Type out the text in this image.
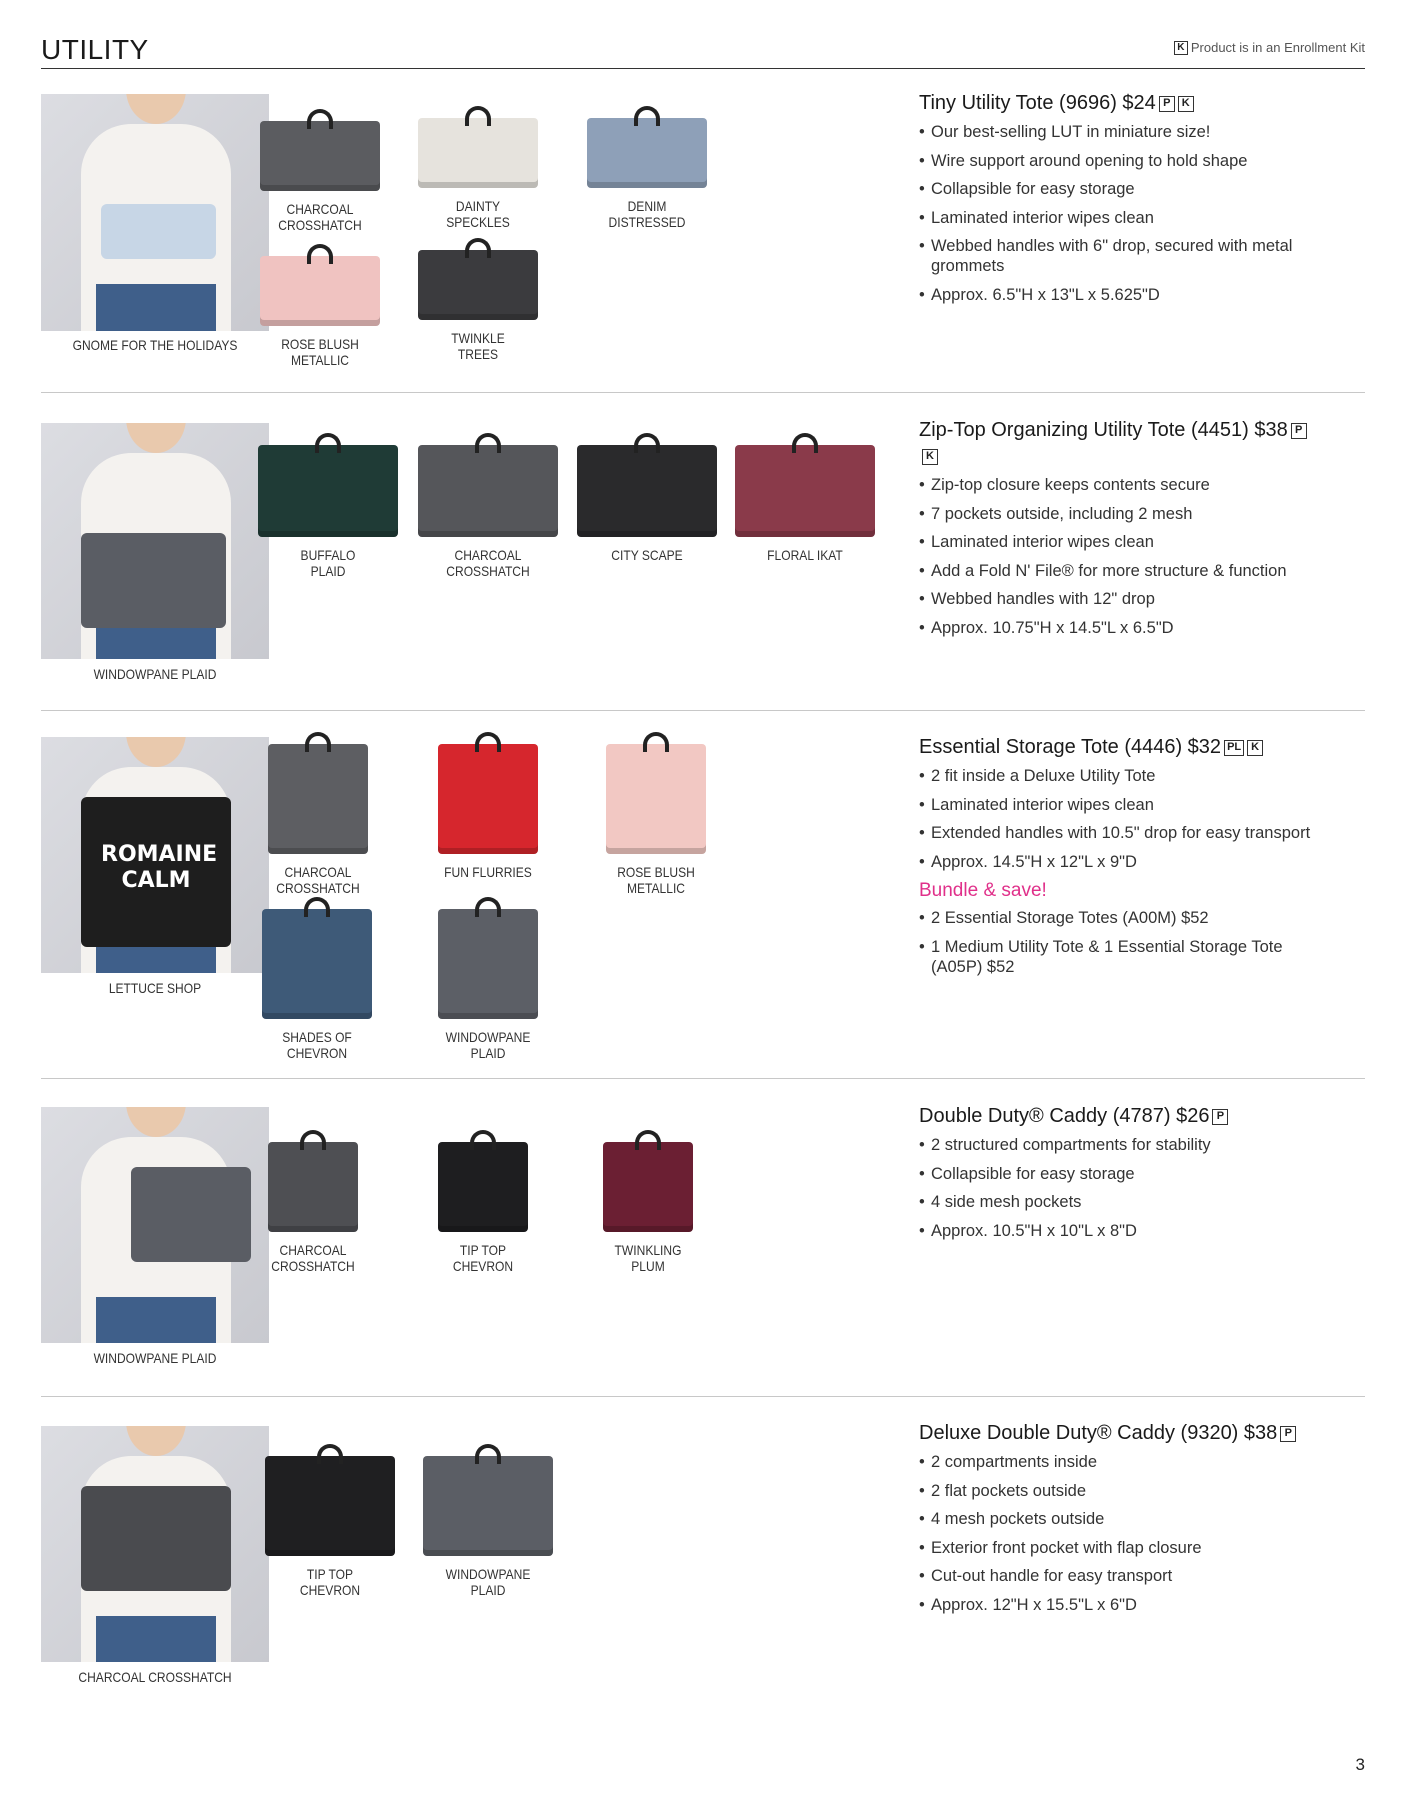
UTILITY	K Product is in an Enrollment Kit
GNOME FOR THE HOLIDAYS
CHARCOAL
CROSSHATCH
DAINTY
SPECKLES
DENIM
DISTRESSED
ROSE BLUSH
METALLIC
TWINKLE
TREES
Tiny Utility Tote (9696) $24 P K
• Our best-selling LUT in miniature size!
• Wire support around opening to hold shape
• Collapsible for easy storage
• Laminated interior wipes clean
• Webbed handles with 6" drop, secured with metal grommets
• Approx. 6.5"H x 13"L x 5.625"D
WINDOWPANE PLAID
BUFFALO
PLAID
CHARCOAL
CROSSHATCH
CITY SCAPE	FLORAL IKAT
Zip-Top Organizing Utility Tote (4451) $38 PK
• Zip-top closure keeps contents secure
• 7 pockets outside, including 2 mesh
• Laminated interior wipes clean
• Add a Fold N' File® for more structure & function
• Webbed handles with 12" drop
• Approx. 10.75"H x 14.5"L x 6.5"D
ROMAINE CALM
LETTUCE SHOP
CHARCOAL
CROSSHATCH
FUN FLURRIES	ROSE BLUSH METALLIC
SHADES OF
CHEVRON
WINDOWPANE
PLAID
Essential Storage Tote (4446) $32 PL K
• 2 fit inside a Deluxe Utility Tote
• Laminated interior wipes clean
• Extended handles with 10.5" drop for easy transport
• Approx. 14.5"H x 12"L x 9"D
Bundle & save!
• 2 Essential Storage Totes (A00M) $52
• 1 Medium Utility Tote & 1 Essential Storage Tote (A05P) $52
WINDOWPANE PLAID
CHARCOAL
CROSSHATCH
TIP TOP
CHEVRON
TWINKLING
PLUM
Double Duty® Caddy (4787) $26 P
• 2 structured compartments for stability
• Collapsible for easy storage
• 4 side mesh pockets
• Approx. 10.5"H x 10"L x 8"D
CHARCOAL CROSSHATCH
TIP TOP
CHEVRON
WINDOWPANE
PLAID
Deluxe Double Duty® Caddy (9320) $38 P
• 2 compartments inside
• 2 flat pockets outside
• 4 mesh pockets outside
• Exterior front pocket with flap closure
• Cut-out handle for easy transport
• Approx. 12"H x 15.5"L x 6"D
3
